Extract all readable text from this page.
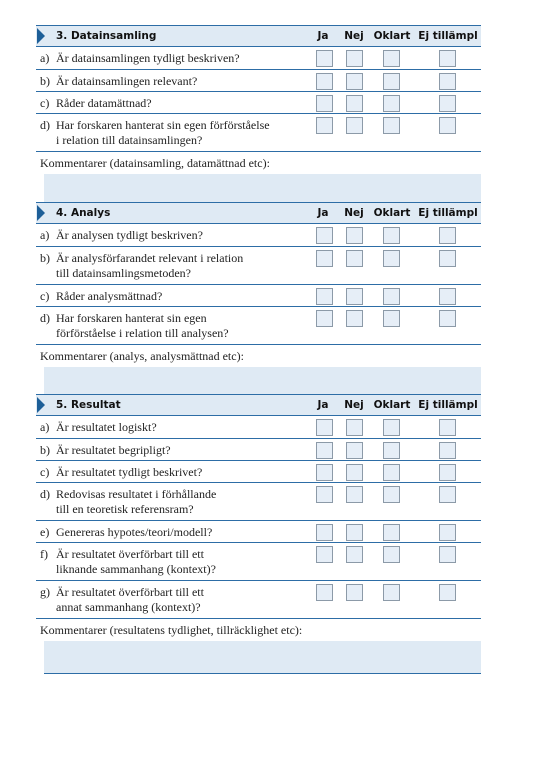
3. Datainsamling	Ja	Nej Oklart Ej tillämpl
a) Är datainsamlingen tydligt beskriven?
b) Är datainsamlingen relevant?
c) Råder datamättnad?
d) Har forskaren hanterat sin egen förförståelse
i relation till datainsamlingen?
Kommentarer (datainsamling, datamättnad etc):
4. Analys	Ja	Nej Oklart Ej tillämpl
a) Är analysen tydligt beskriven?
b) Är analysförfarandet relevant i relation
till datainsamlingsmetoden?
c) Råder analysmättnad?
d) Har forskaren hanterat sin egen
förförståelse i relation till analysen?
Kommentarer (analys, analysmättnad etc):
5. Resultat	Ja	Nej Oklart Ej tillämpl
a) Är resultatet logiskt?
b) Är resultatet begripligt?
c) Är resultatet tydligt beskrivet?
d) Redovisas resultatet i förhållande
till en teoretisk referensram?
e) Genereras hypotes/teori/modell?
f) Är resultatet överförbart till ett
liknande sammanhang (kontext)?
g) Är resultatet överförbart till ett
annat sammanhang (kontext)?
Kommentarer (resultatens tydlighet, tillräcklighet etc):
